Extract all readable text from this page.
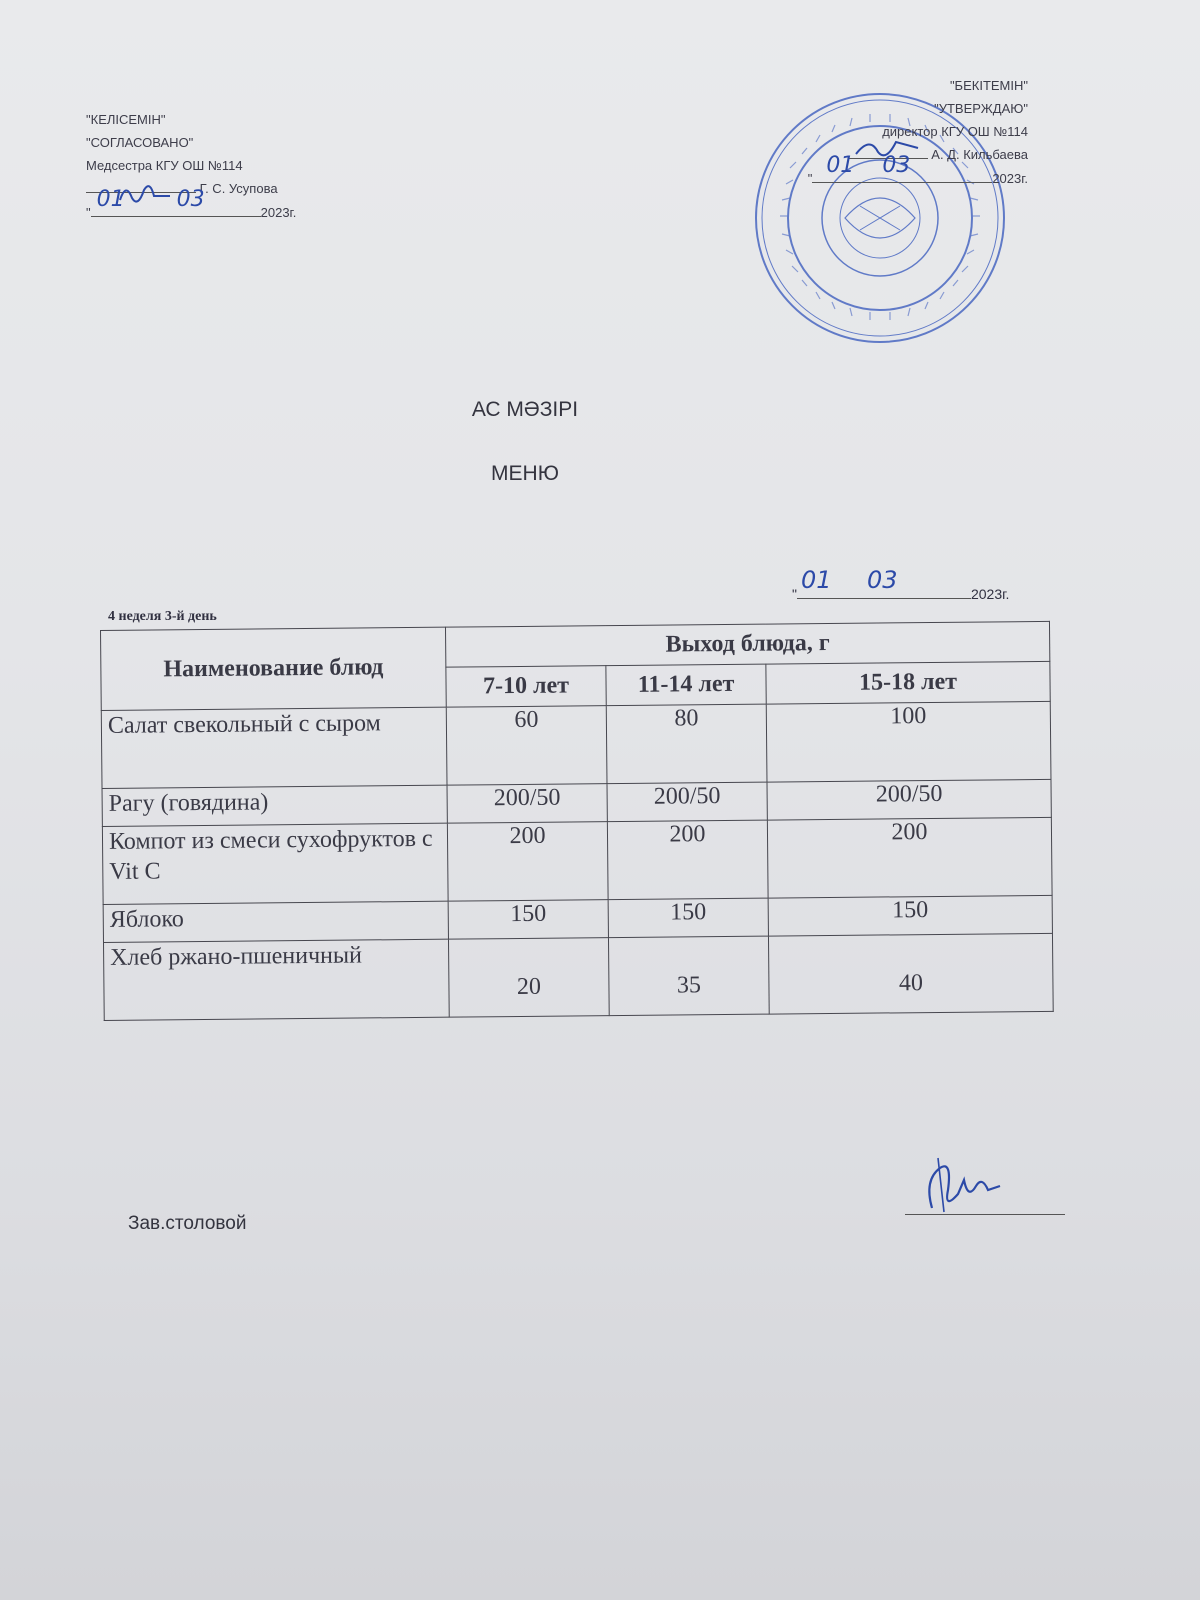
"КЕЛІСЕМІН"
"СОГЛАСОВАНО"
Медсестра КГУ ОШ №114
Г. С. Усупова
"
01 03
2023г.
"БЕКІТЕМІН"
"УТВЕРЖДАЮ"
директор КГУ ОШ №114
А. Д. Кильбаева
"
01 03
2023г.
АС МӘЗІРІ
МЕНЮ
4 неделя 3-й день
" 01 03	2023г.
Наименование блюд	Выход блюда, г		
	7-10 лет	11-14 лет	15-18 лет
Салат свекольный с сыром	60	80	100
Рагу (говядина)	200/50	200/50	200/50
Компот из смеси сухофруктов с Vit C	200	200	200
Яблоко	150	150	150
Хлеб ржано-пшеничный	20	35	40
Зав.столовой
